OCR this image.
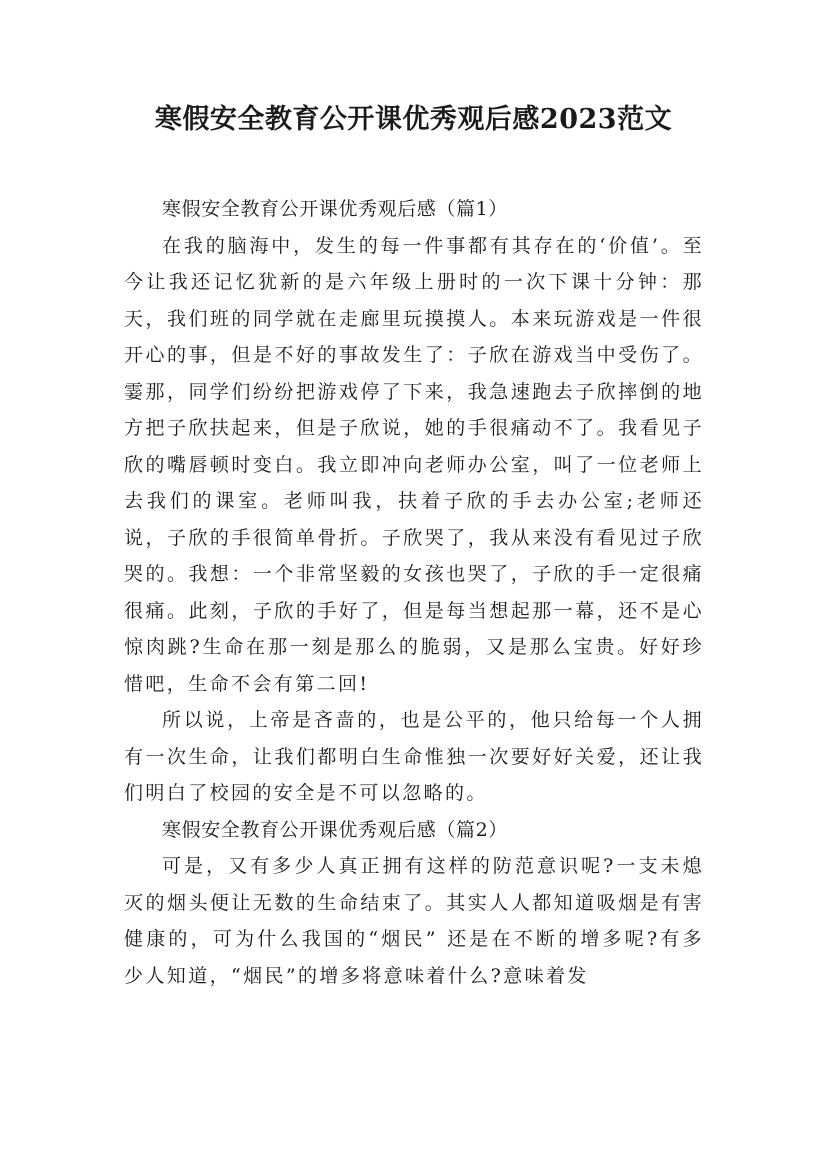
寒假安全教育公开课优秀观后感2023范文

寒假安全教育公开课优秀观后感（篇1）

在我的脑海中，发生的每一件事都有其存在的‘价值’。至今让我还记忆犹新的是六年级上册时的一次下课十分钟：那天，我们班的同学就在走廊里玩摸摸人。本来玩游戏是一件很开心的事，但是不好的事故发生了：子欣在游戏当中受伤了。霎那，同学们纷纷把游戏停了下来，我急速跑去子欣摔倒的地方把子欣扶起来，但是子欣说，她的手很痛动不了。我看见子欣的嘴唇顿时变白。我立即冲向老师办公室，叫了一位老师上去我们的课室。老师叫我，扶着子欣的手去办公室;老师还说，子欣的手很简单骨折。子欣哭了，我从来没有看见过子欣哭的。我想：一个非常坚毅的女孩也哭了，子欣的手一定很痛很痛。此刻，子欣的手好了，但是每当想起那一幕，还不是心惊肉跳?生命在那一刻是那么的脆弱，又是那么宝贵。好好珍惜吧，生命不会有第二回!

所以说，上帝是吝啬的，也是公平的，他只给每一个人拥有一次生命，让我们都明白生命惟独一次要好好关爱，还让我们明白了校园的安全是不可以忽略的。

寒假安全教育公开课优秀观后感（篇2）

可是，又有多少人真正拥有这样的防范意识呢?一支未熄灭的烟头便让无数的生命结束了。其实人人都知道吸烟是有害健康的，可为什么我国的“烟民” 还是在不断的增多呢?有多少人知道，“烟民”的增多将意味着什么?意味着发
